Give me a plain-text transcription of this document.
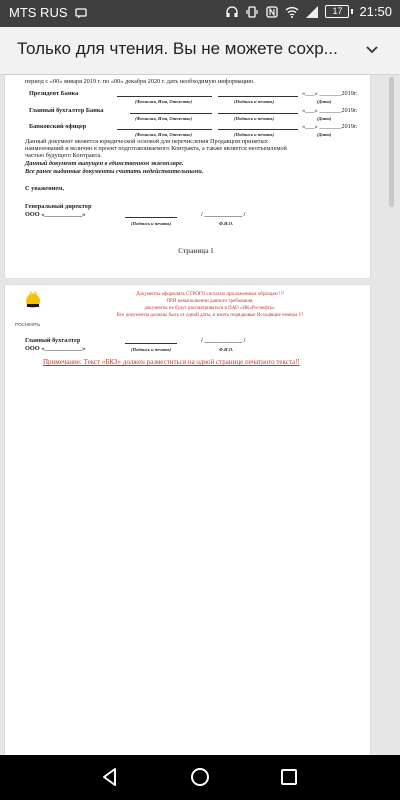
MTS RUS	17	21:50
Только для чтения. Вы не можете сохр...
период с «00» января 2019 г. по «00» декабря 2020 г. дать необходимую информацию.
Президент Банка	«___» _______2019г.
(Фамилия, Имя, Отчество)	(Подпись и печать)	(Дата)
Главный бухгалтер Банка	«___» _______2019г.
(Фамилия, Имя, Отчество)	(Подпись и печать)	(Дата)
Банковский офицер	«___» _______2019г.
(Фамилия, Имя, Отчество)	(Подпись и печать)	(Дата)
Данный документ является юридической основой для перечисления Продавцом принятых
наименований и величин в проект подготавливаемого Контракта, а также является неотъемлемой
частью будущего Контракта.
Данный документ выпущен в единственном экземпляре.
Все ранее выданные документы считать недействительными.
С уважением,
Генеральный директор
ООО «____________»	/ ____________ /
(Подпись и печать)	Ф.И.О.
Страница 1
РОСНЕФТЬ
Документы оформлять СТРОГО согласно приложенным образцам !!!
ПРИ невыполнении данного требования,
документы не будут рассматриваться в ПАО «НК«Роснефть».
Все документы должны быть от одной даты, и иметь порядковые Исходящие номера !!!
Главный бухгалтер
ООО «____________»
/ ____________ /
(Подпись и печать)	Ф.И.О.
Примечание: Текст «БКЗ» должен разместиться на одной странице печатного текста!!
